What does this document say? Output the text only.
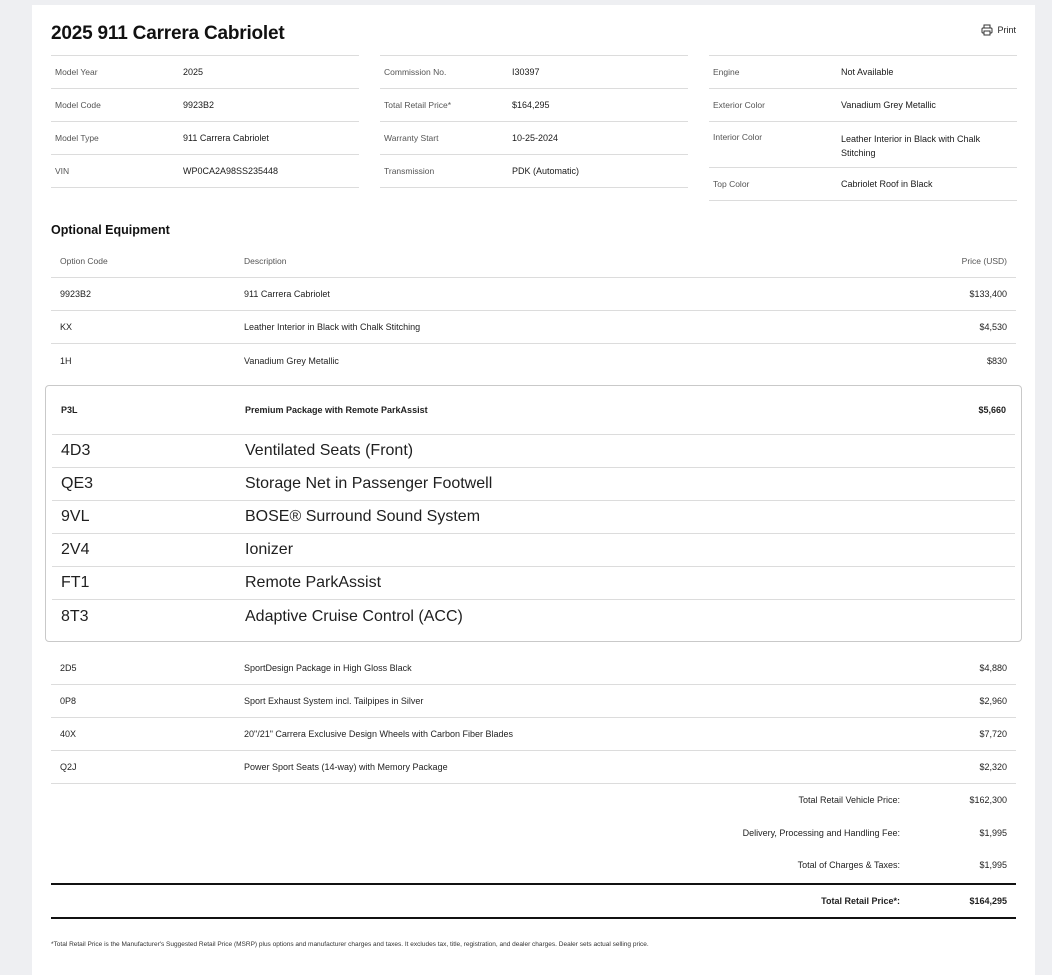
2025 911 Carrera Cabriolet	Print
Model Year	2025
Model Code	9923B2
Model Type	911 Carrera Cabriolet
VIN	WP0CA2A98SS235448
Commission No.	I30397
Total Retail Price*	$164,295
Warranty Start	10-25-2024
Transmission	PDK (Automatic)
Engine	Not Available
Exterior Color	Vanadium Grey Metallic
Interior Color	Leather Interior in Black with Chalk Stitching
Top Color	Cabriolet Roof in Black
Optional Equipment
Option Code	Description	Price (USD)
9923B2	911 Carrera Cabriolet	$133,400
KX	Leather Interior in Black with Chalk Stitching	$4,530
1H	Vanadium Grey Metallic	$830
P3L	Premium Package with Remote ParkAssist	$5,660
4D3	Ventilated Seats (Front)
QE3	Storage Net in Passenger Footwell
9VL	BOSE® Surround Sound System
2V4	Ionizer
FT1	Remote ParkAssist
8T3	Adaptive Cruise Control (ACC)
2D5	SportDesign Package in High Gloss Black	$4,880
0P8	Sport Exhaust System incl. Tailpipes in Silver	$2,960
40X	20"/21" Carrera Exclusive Design Wheels with Carbon Fiber Blades	$7,720
Q2J	Power Sport Seats (14-way) with Memory Package	$2,320
Total Retail Vehicle Price:	$162,300
Delivery, Processing and Handling Fee:	$1,995
Total of Charges & Taxes:	$1,995
Total Retail Price*:	$164,295
*Total Retail Price is the Manufacturer's Suggested Retail Price (MSRP) plus options and manufacturer charges and taxes. It excludes tax, title, registration, and dealer charges. Dealer sets actual selling price.
